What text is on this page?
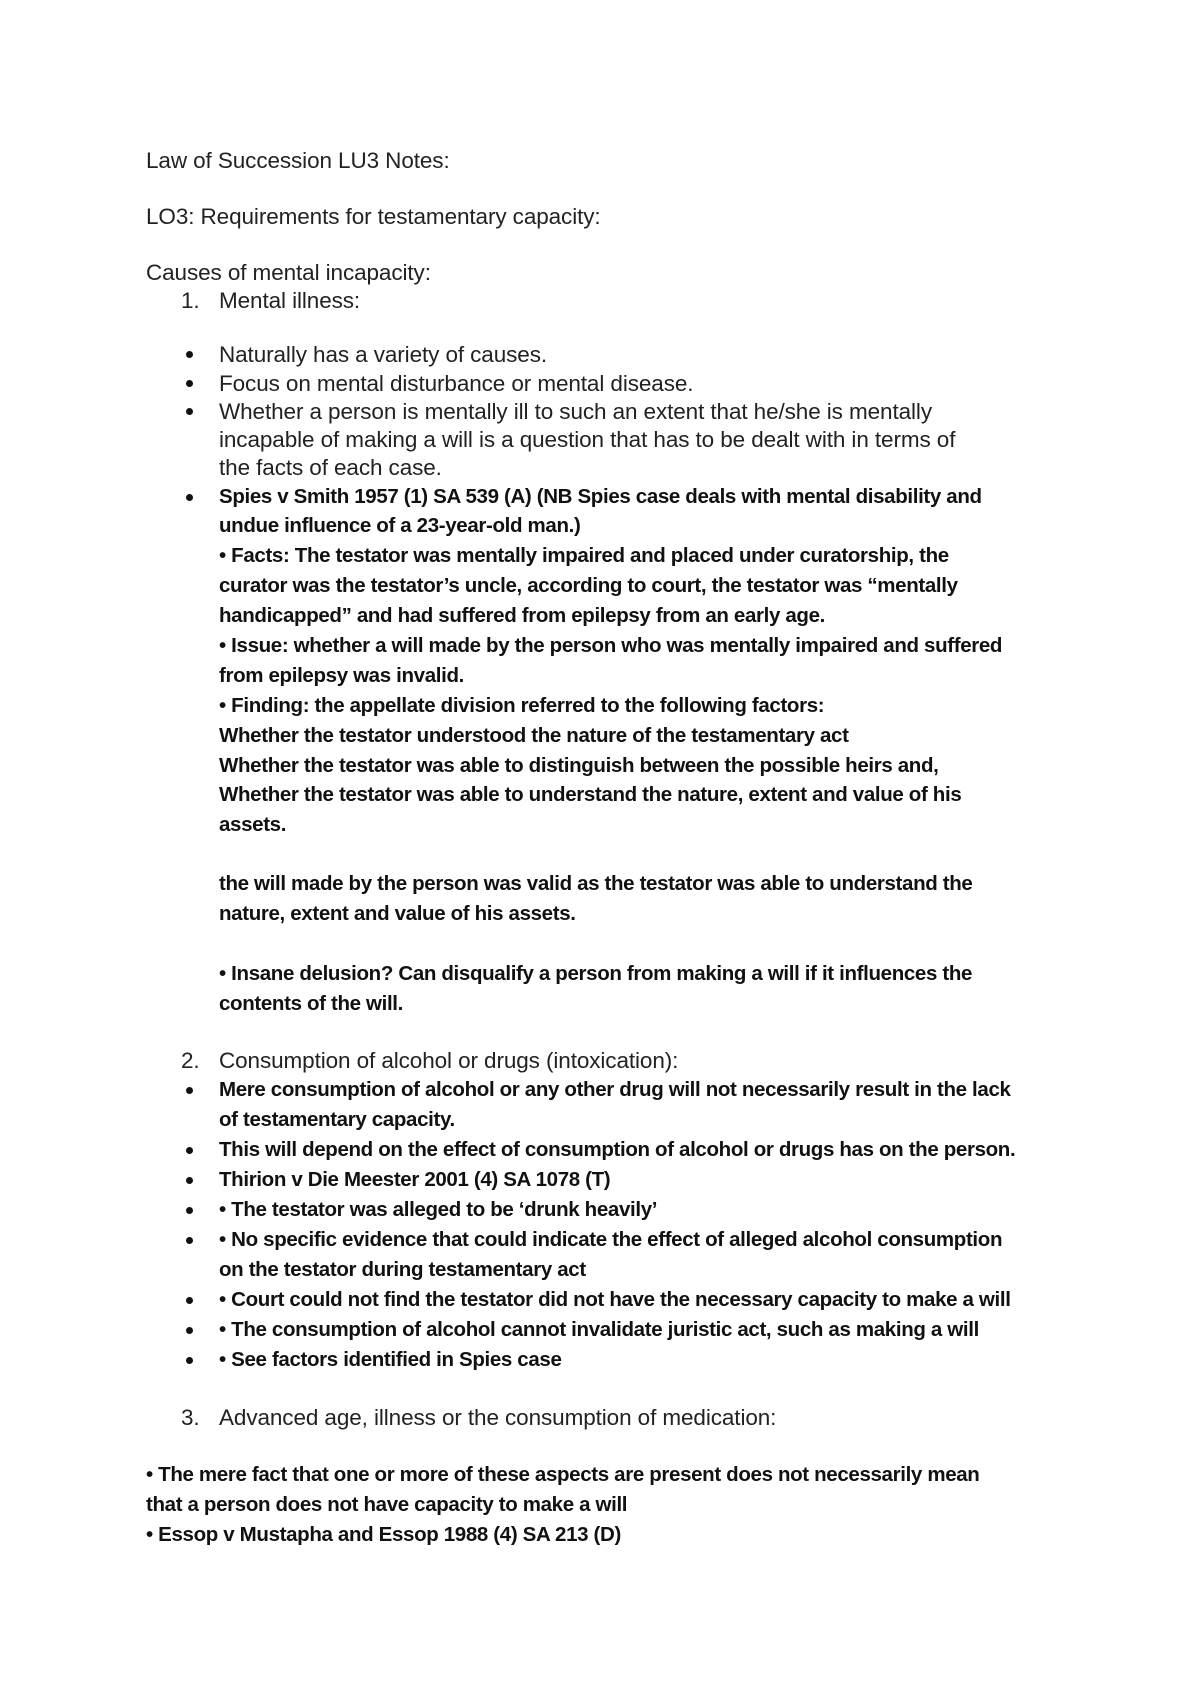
Law of Succession LU3 Notes:
LO3: Requirements for testamentary capacity:
Causes of mental incapacity:
1. Mental illness:
Naturally has a variety of causes.
Focus on mental disturbance or mental disease.
Whether a person is mentally ill to such an extent that he/she is mentally
incapable of making a will is a question that has to be dealt with in terms of
the facts of each case.
Spies v Smith 1957 (1) SA 539 (A) (NB Spies case deals with mental disability and
undue influence of a 23-year-old man.)
• Facts: The testator was mentally impaired and placed under curatorship, the
curator was the testator’s uncle, according to court, the testator was “mentally
handicapped” and had suffered from epilepsy from an early age.
• Issue: whether a will made by the person who was mentally impaired and suffered
from epilepsy was invalid.
• Finding: the appellate division referred to the following factors:
Whether the testator understood the nature of the testamentary act
Whether the testator was able to distinguish between the possible heirs and,
Whether the testator was able to understand the nature, extent and value of his
assets.
the will made by the person was valid as the testator was able to understand the
nature, extent and value of his assets.
• Insane delusion? Can disqualify a person from making a will if it influences the
contents of the will.
2. Consumption of alcohol or drugs (intoxication):
Mere consumption of alcohol or any other drug will not necessarily result in the lack
of testamentary capacity.
This will depend on the effect of consumption of alcohol or drugs has on the person.
Thirion v Die Meester 2001 (4) SA 1078 (T)
• The testator was alleged to be ‘drunk heavily’
• No specific evidence that could indicate the effect of alleged alcohol consumption
on the testator during testamentary act
• Court could not find the testator did not have the necessary capacity to make a will
• The consumption of alcohol cannot invalidate juristic act, such as making a will
• See factors identified in Spies case
3. Advanced age, illness or the consumption of medication:
• The mere fact that one or more of these aspects are present does not necessarily mean
that a person does not have capacity to make a will
• Essop v Mustapha and Essop 1988 (4) SA 213 (D)
